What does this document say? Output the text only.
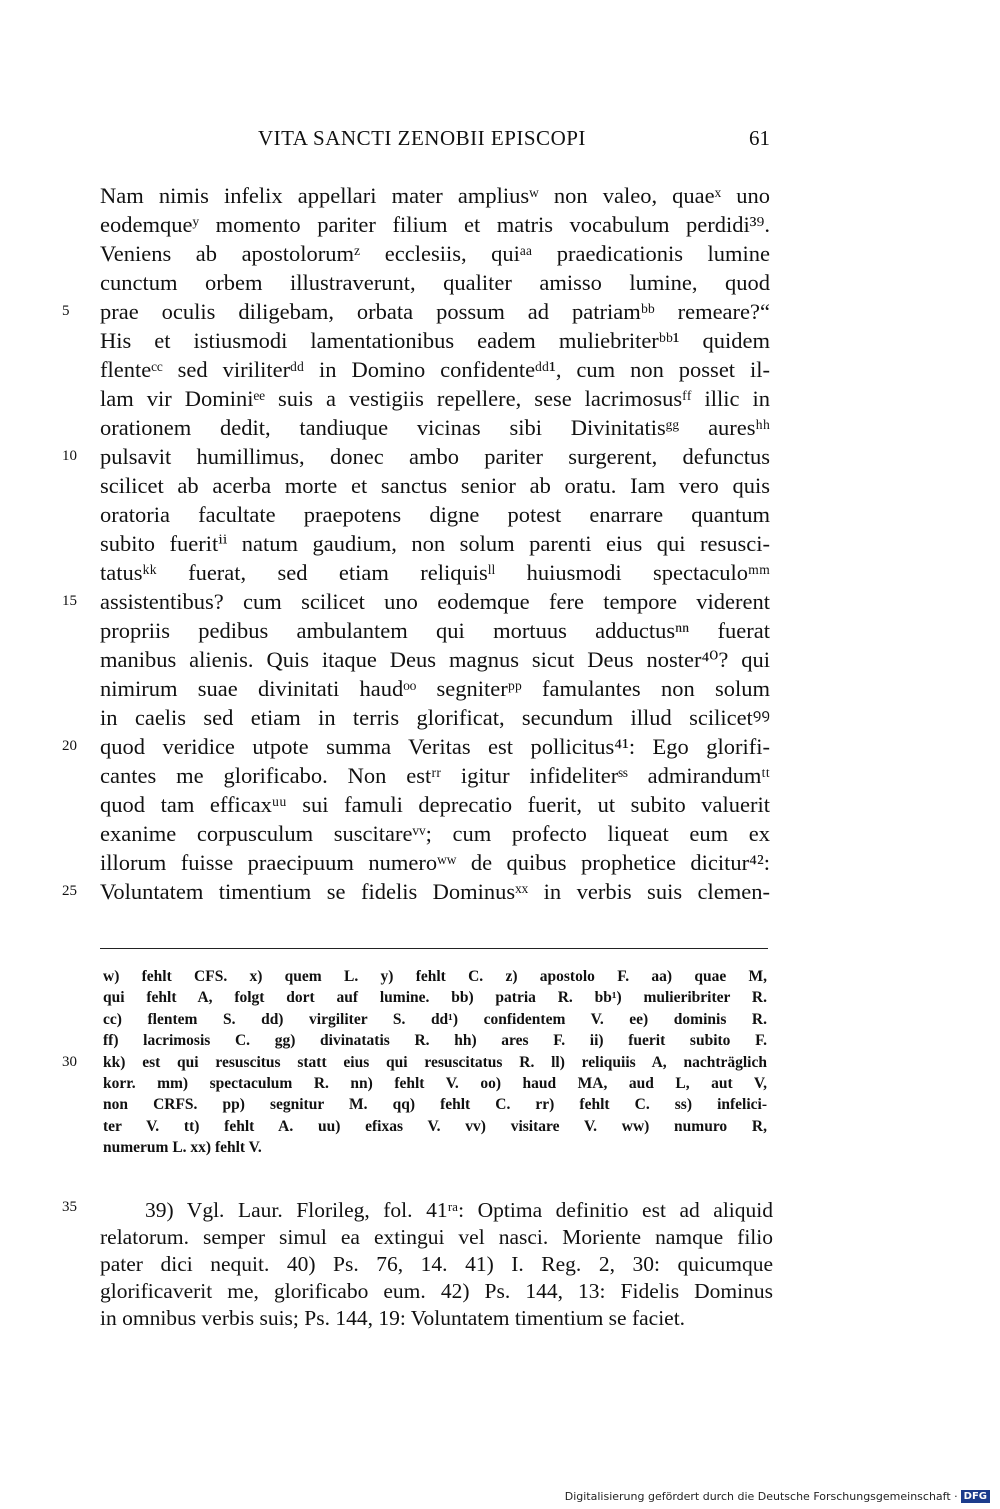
VITA SANCTI ZENOBII EPISCOPI	61
Nam nimis infelix appellari mater ampliusʷ non valeo, quaeˣ uno
eodemqueʸ momento pariter filium et matris vocabulum perdidi³⁹.
Veniens ab apostolorumᶻ ecclesiis, quiᵃᵃ praedicationis lumine
cunctum orbem illustraverunt, qualiter amisso lumine, quod
prae oculis diligebam, orbata possum ad patriamᵇᵇ remeare?“
His et istiusmodi lamentationibus eadem muliebriterᵇᵇ¹ quidem
flenteᶜᶜ sed viriliterᵈᵈ in Domino confidenteᵈᵈ¹, cum non posset il-
lam vir Dominiᵉᵉ suis a vestigiis repellere, sese lacrimosusᶠᶠ illic in
orationem dedit, tandiuque vicinas sibi Divinitatisᵍᵍ auresʰʰ
pulsavit humillimus, donec ambo pariter surgerent, defunctus
scilicet ab acerba morte et sanctus senior ab oratu. Iam vero quis
oratoria facultate praepotens digne potest enarrare quantum
subito fueritⁱⁱ natum gaudium, non solum parenti eius qui resusci-
tatusᵏᵏ fuerat, sed etiam reliquisˡˡ huiusmodi spectaculoᵐᵐ
assistentibus? cum scilicet uno eodemque fere tempore viderent
propriis pedibus ambulantem qui mortuus adductusⁿⁿ fuerat
manibus alienis. Quis itaque Deus magnus sicut Deus noster⁴⁰? qui
nimirum suae divinitati haudᵒᵒ segniterᵖᵖ famulantes non solum
in caelis sed etiam in terris glorificat, secundum illud scilicetꝰꝰ
quod veridice utpote summa Veritas est pollicitus⁴¹: Ego glorifi-
cantes me glorificabo. Non estʳʳ igitur infideliterˢˢ admirandumᵗᵗ
quod tam efficaxᵘᵘ sui famuli deprecatio fuerit, ut subito valuerit
exanime corpusculum suscitareᵛᵛ; cum profecto liqueat eum ex
illorum fuisse praecipuum numeroʷʷ de quibus prophetice dicitur⁴²:
Voluntatem timentium se fidelis Dominusˣˣ in verbis suis clemen-
5
10
15
20
25
w) fehlt CFS. x) quem L. y) fehlt C. z) apostolo F. aa) quae M,
qui fehlt A, folgt dort auf lumine. bb) patria R. bb¹) mulieribriter R.
cc) flentem S. dd) virgiliter S. dd¹) confidentem V. ee) dominis R.
ff) lacrimosis C. gg) divinatatis R. hh) ares F. ii) fuerit subito F.
kk) est qui resuscitus statt eius qui resuscitatus R. ll) reliquiis A, nachträglich
korr. mm) spectaculum R. nn) fehlt V. oo) haud MA, aud L, aut V,
non CRFS. pp) segnitur M. qq) fehlt C. rr) fehlt C. ss) infelici-
ter V. tt) fehlt A. uu) efixas V. vv) visitare V. ww) numuro R,
numerum L. xx) fehlt V.
30
39) Vgl. Laur. Florileg, fol. 41ʳᵃ: Optima definitio est ad aliquid
relatorum. semper simul ea extingui vel nasci. Moriente namque filio
pater dici nequit. 40) Ps. 76, 14. 41) I. Reg. 2, 30: quicumque
glorificaverit me, glorificabo eum. 42) Ps. 144, 13: Fidelis Dominus
in omnibus verbis suis; Ps. 144, 19: Voluntatem timentium se faciet.
35
Digitalisierung gefördert durch die Deutsche Forschungsgemeinschaft · DFG
